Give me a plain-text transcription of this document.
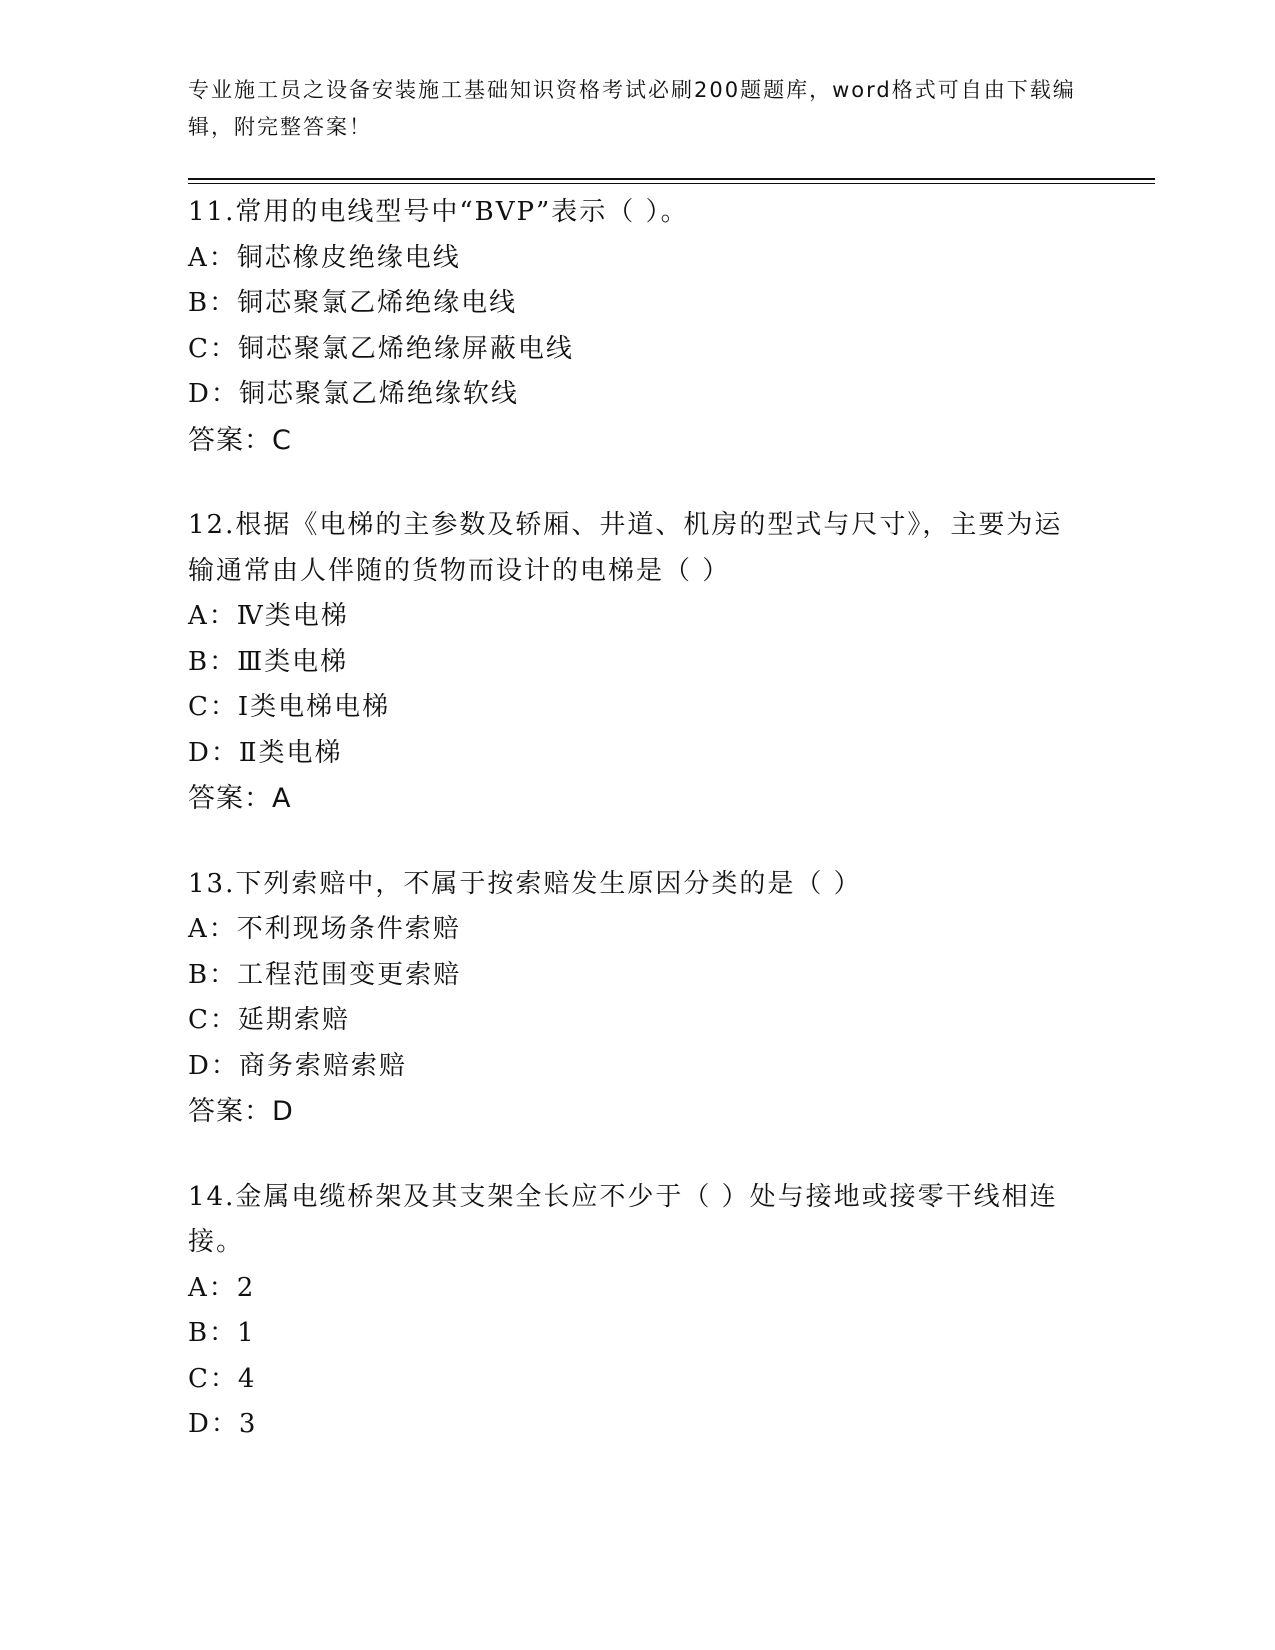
专业施工员之设备安装施工基础知识资格考试必刷200题题库，word格式可自由下载编辑，附完整答案！
11.常用的电线型号中“BVP”表示（ ）。
A：铜芯橡皮绝缘电线
B：铜芯聚氯乙烯绝缘电线
C：铜芯聚氯乙烯绝缘屏蔽电线
D：铜芯聚氯乙烯绝缘软线
答案：C
12.根据《电梯的主参数及轿厢、井道、机房的型式与尺寸》，主要为运输通常由人伴随的货物而设计的电梯是（ ）
A：Ⅳ类电梯
B：Ⅲ类电梯
C：Ⅰ类电梯电梯
D：Ⅱ类电梯
答案：A
13.下列索赔中，不属于按索赔发生原因分类的是（ ）
A：不利现场条件索赔
B：工程范围变更索赔
C：延期索赔
D：商务索赔索赔
答案：D
14.金属电缆桥架及其支架全长应不少于（ ）处与接地或接零干线相连接。
A：2
B：1
C：4
D：3
